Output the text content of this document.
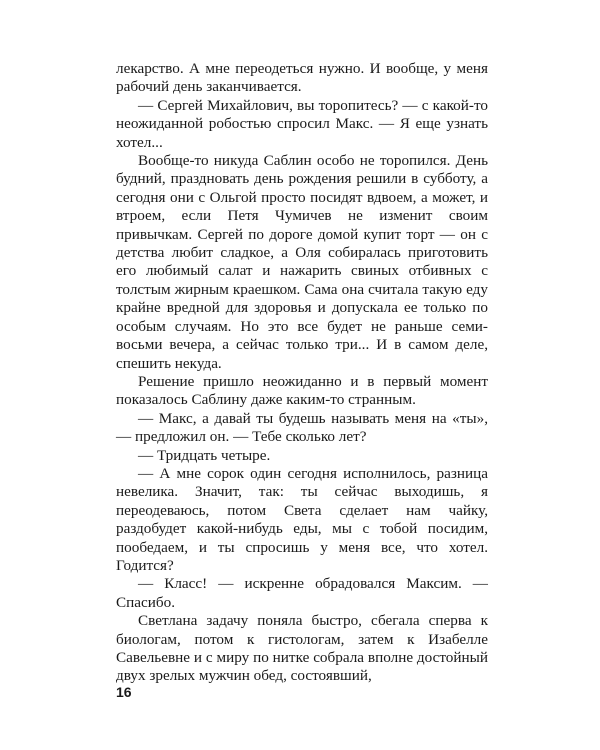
лекарство. А мне переодеться нужно. И вообще, у меня рабочий день заканчивается.

— Сергей Михайлович, вы торопитесь? — с какой-то неожиданной робостью спросил Макс. — Я еще узнать хотел...

Вообще-то никуда Саблин особо не торопился. День будний, праздновать день рождения решили в субботу, а сегодня они с Ольгой просто посидят вдвоем, а может, и втроем, если Петя Чумичев не изменит своим привычкам. Сергей по дороге домой купит торт — он с детства любит сладкое, а Оля собиралась приготовить его любимый салат и нажарить свиных отбивных с толстым жирным краешком. Сама она считала такую еду крайне вредной для здоровья и допускала ее только по особым случаям. Но это все будет не раньше семи-восьми вечера, а сейчас только три... И в самом деле, спешить некуда.

Решение пришло неожиданно и в первый момент показалось Саблину даже каким-то странным.

— Макс, а давай ты будешь называть меня на «ты», — предложил он. — Тебе сколько лет?

— Тридцать четыре.

— А мне сорок один сегодня исполнилось, разница невелика. Значит, так: ты сейчас выходишь, я переодеваюсь, потом Света сделает нам чайку, раздобудет какой-нибудь еды, мы с тобой посидим, пообедаем, и ты спросишь у меня все, что хотел. Годится?

— Класс! — искренне обрадовался Максим. — Спасибо.

Светлана задачу поняла быстро, сбегала сперва к биологам, потом к гистологам, затем к Изабелле Савельевне и с миру по нитке собрала вполне достойный двух зрелых мужчин обед, состоявший,

16
